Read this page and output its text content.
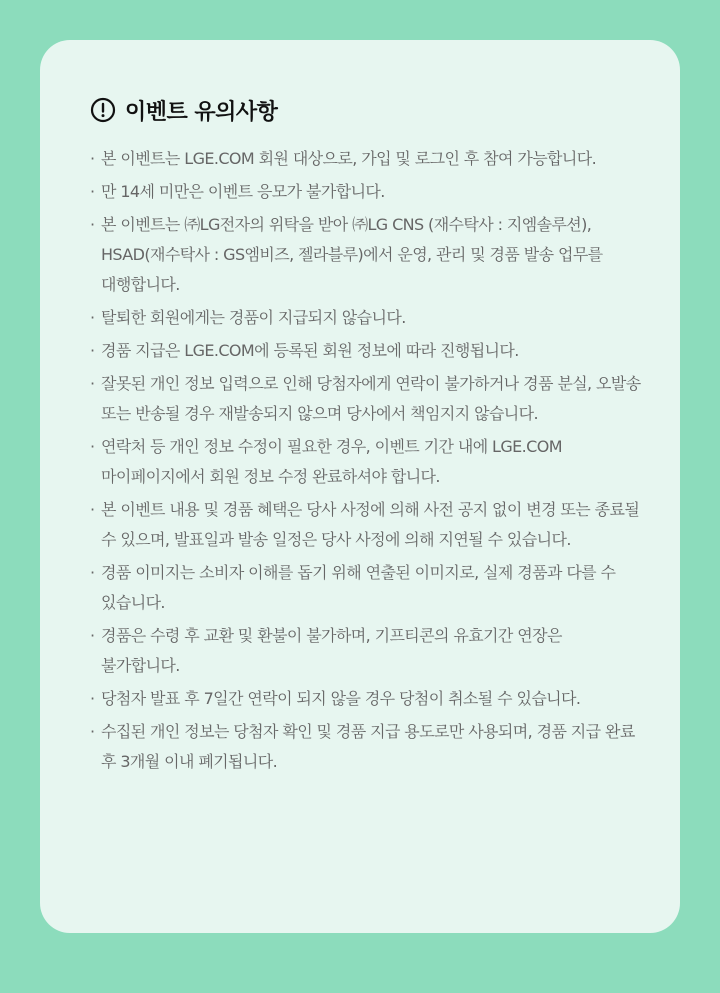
이벤트 유의사항
· 본 이벤트는 LGE.COM 회원 대상으로, 가입 및 로그인 후 참여 가능합니다.
· 만 14세 미만은 이벤트 응모가 불가합니다.
· 본 이벤트는 ㈜LG전자의 위탁을 받아 ㈜LG CNS (재수탁사 : 지엠솔루션), HSAD(재수탁사 : GS엠비즈, 젤라블루)에서 운영, 관리 및 경품 발송 업무를 대행합니다.
· 탈퇴한 회원에게는 경품이 지급되지 않습니다.
· 경품 지급은 LGE.COM에 등록된 회원 정보에 따라 진행됩니다.
· 잘못된 개인 정보 입력으로 인해 당첨자에게 연락이 불가하거나 경품 분실, 오발송 또는 반송될 경우 재발송되지 않으며 당사에서 책임지지 않습니다.
· 연락처 등 개인 정보 수정이 필요한 경우, 이벤트 기간 내에 LGE.COM 마이페이지에서 회원 정보 수정 완료하셔야 합니다.
· 본 이벤트 내용 및 경품 혜택은 당사 사정에 의해 사전 공지 없이 변경 또는 종료될 수 있으며, 발표일과 발송 일정은 당사 사정에 의해 지연될 수 있습니다.
· 경품 이미지는 소비자 이해를 돕기 위해 연출된 이미지로, 실제 경품과 다를 수 있습니다.
· 경품은 수령 후 교환 및 환불이 불가하며, 기프티콘의 유효기간 연장은 불가합니다.
· 당첨자 발표 후 7일간 연락이 되지 않을 경우 당첨이 취소될 수 있습니다.
· 수집된 개인 정보는 당첨자 확인 및 경품 지급 용도로만 사용되며, 경품 지급 완료 후 3개월 이내 폐기됩니다.
